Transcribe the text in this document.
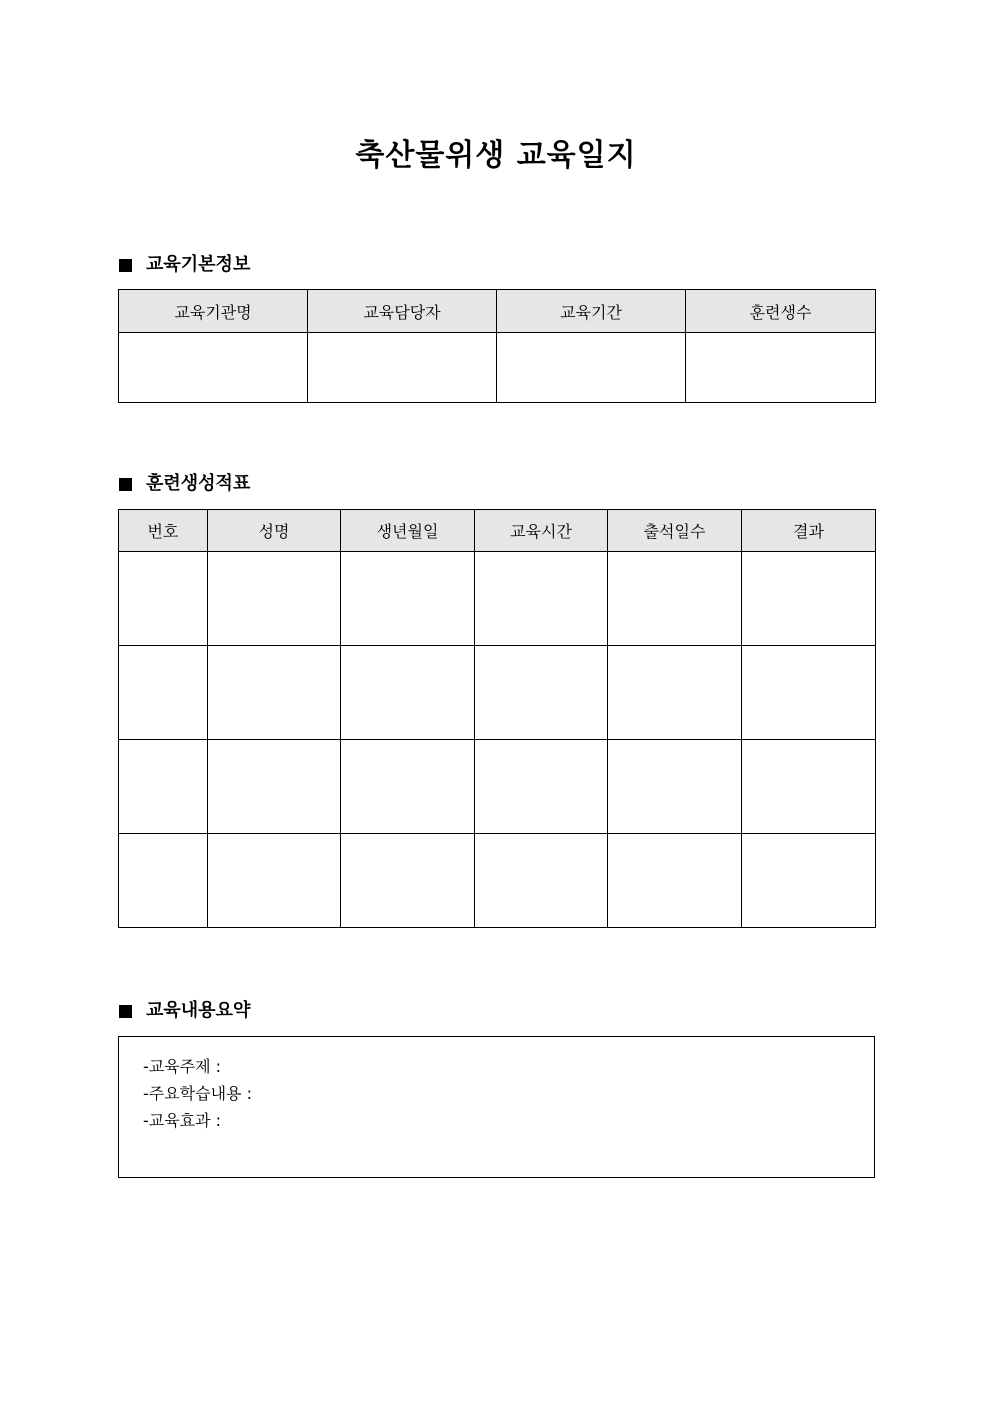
축산물위생 교육일지
교육기본정보
교육기관명	교육담당자	교육기간	훈련생수

훈련생성적표
번호	성명	생년월일	교육시간	출석일수	결과

교육내용요약
-교육주제 :
-주요학습내용 :
-교육효과 :
